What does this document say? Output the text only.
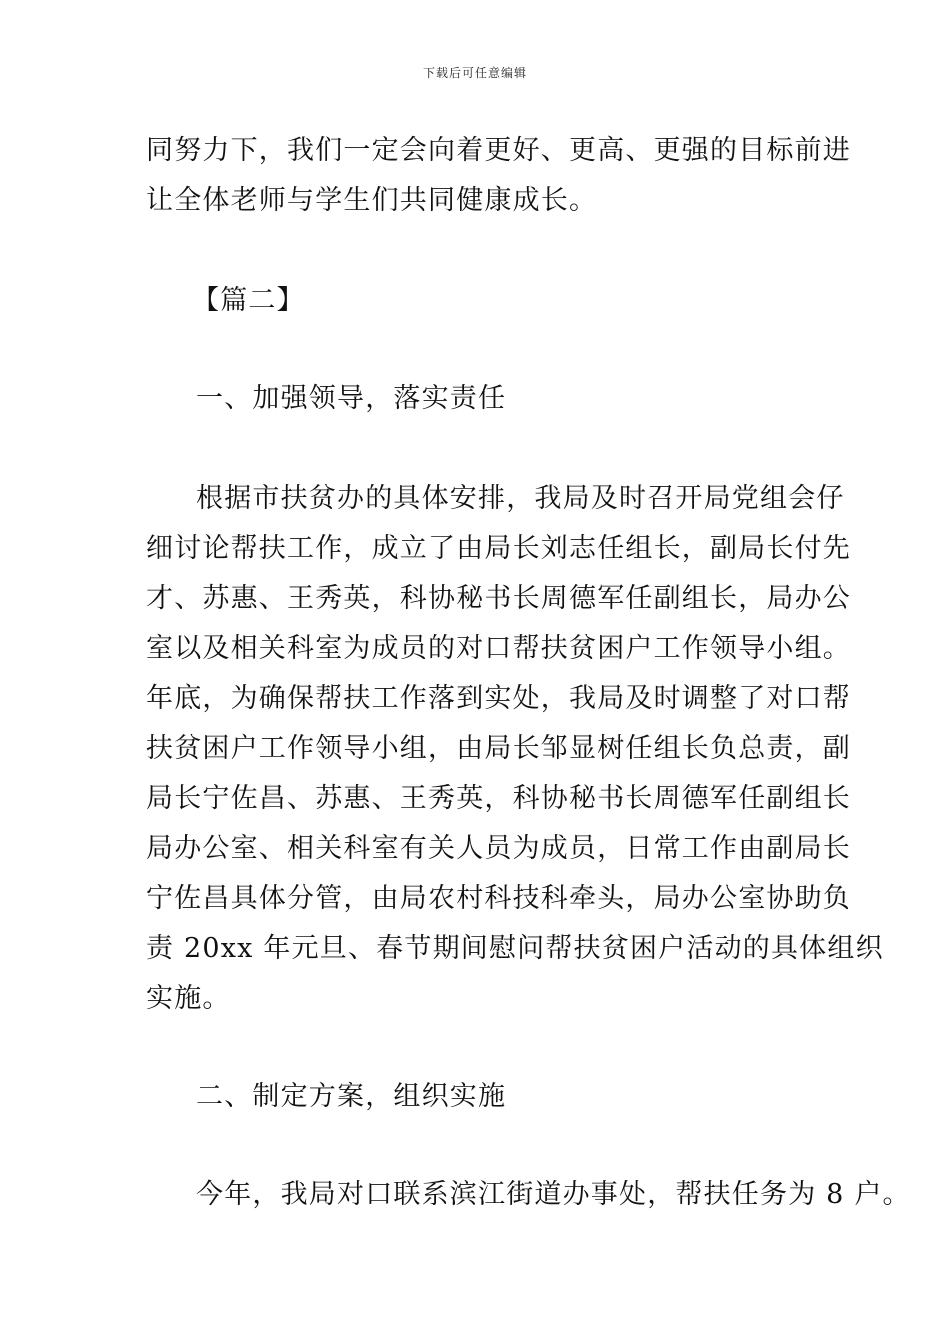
下载后可任意编辑
同努力下，我们一定会向着更好、更高、更强的目标前进
让全体老师与学生们共同健康成长。
【篇二】
一、加强领导，落实责任
根据市扶贫办的具体安排，我局及时召开局党组会仔
细讨论帮扶工作，成立了由局长刘志任组长，副局长付先
才、苏惠、王秀英，科协秘书长周德军任副组长，局办公
室以及相关科室为成员的对口帮扶贫困户工作领导小组。
年底，为确保帮扶工作落到实处，我局及时调整了对口帮
扶贫困户工作领导小组，由局长邹显树任组长负总责，副
局长宁佐昌、苏惠、王秀英，科协秘书长周德军任副组长
局办公室、相关科室有关人员为成员，日常工作由副局长
宁佐昌具体分管，由局农村科技科牵头，局办公室协助负
责 20xx 年元旦、春节期间慰问帮扶贫困户活动的具体组织
实施。
二、制定方案，组织实施
今年，我局对口联系滨江街道办事处，帮扶任务为 8 户。
